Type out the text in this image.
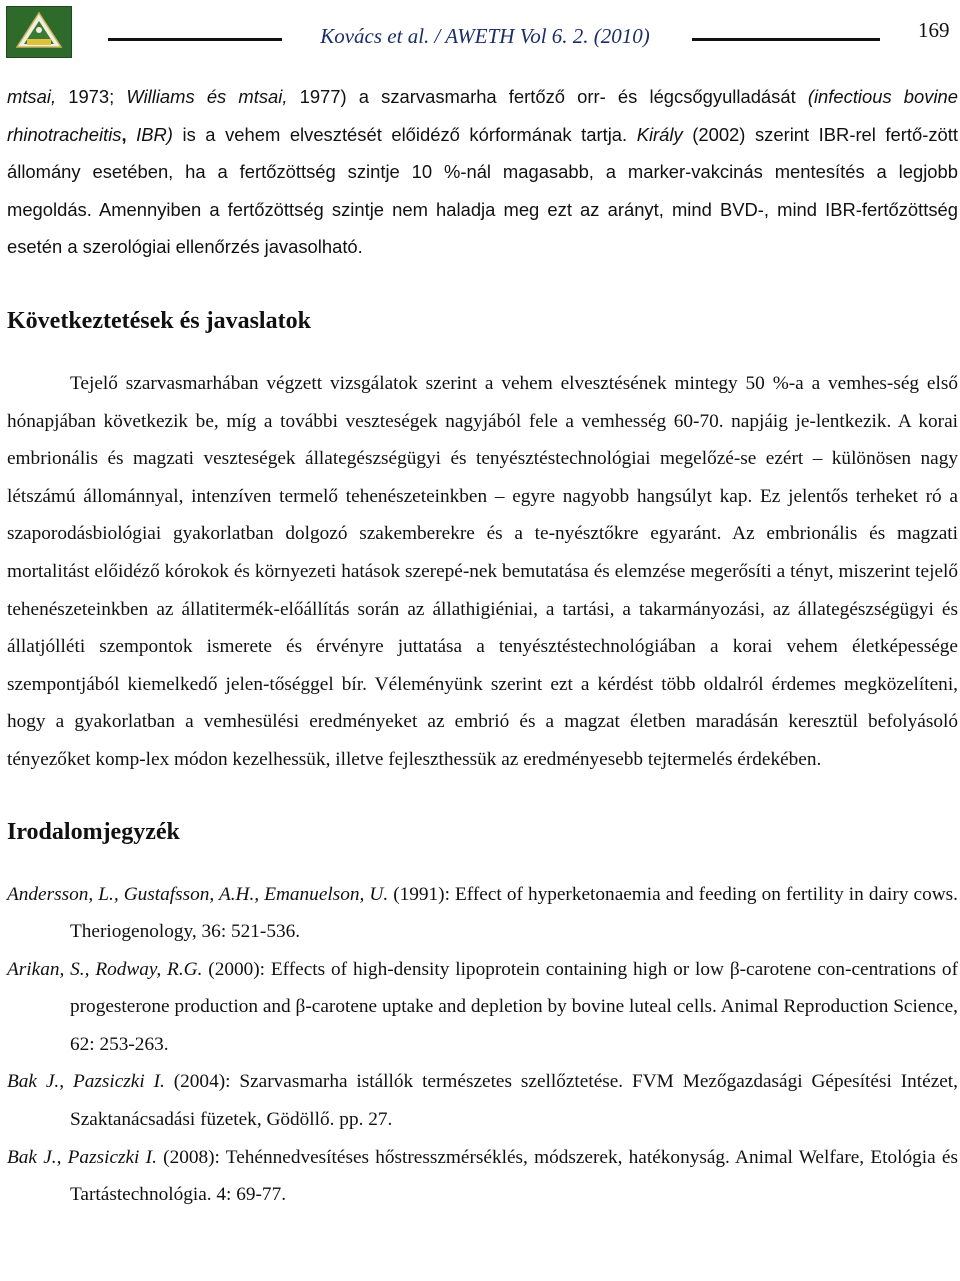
Kovács et al. / AWETH Vol 6. 2. (2010)	169

mtsai, 1973; Williams és mtsai, 1977) a szarvasmarha fertőző orr- és légcsőgyulladását (infectious bovine rhinotracheitis, IBR) is a vehem elvesztését előidéző kórformának tartja. Király (2002) szerint IBR-rel fertő-zött állomány esetében, ha a fertőzöttség szintje 10 %-nál magasabb, a marker-vakcinás mentesítés a legjobb megoldás. Amennyiben a fertőzöttség szintje nem haladja meg ezt az arányt, mind BVD-, mind IBR-fertőzöttség esetén a szerológiai ellenőrzés javasolható.

Következtetések és javaslatok

Tejelő szarvasmarhában végzett vizsgálatok szerint a vehem elvesztésének mintegy 50 %-a a vemhes-ség első hónapjában következik be, míg a további veszteségek nagyjából fele a vemhesség 60-70. napjáig je-lentkezik. A korai embrionális és magzati veszteségek állategészségügyi és tenyésztéstechnológiai megelőzé-se ezért – különösen nagy létszámú állománnyal, intenzíven termelő tehenészeteinkben – egyre nagyobb hangsúlyt kap. Ez jelentős terheket ró a szaporodásbiológiai gyakorlatban dolgozó szakemberekre és a te-nyésztőkre egyaránt. Az embrionális és magzati mortalitást előidéző kórokok és környezeti hatások szerepé-nek bemutatása és elemzése megerősíti a tényt, miszerint tejelő tehenészeteinkben az állatitermék-előállítás során az állathigiéniai, a tartási, a takarmányozási, az állategészségügyi és állatjólléti szempontok ismerete és érvényre juttatása a tenyésztéstechnológiában a korai vehem életképessége szempontjából kiemelkedő jelen-tőséggel bír. Véleményünk szerint ezt a kérdést több oldalról érdemes megközelíteni, hogy a gyakorlatban a vemhesülési eredményeket az embrió és a magzat életben maradásán keresztül befolyásoló tényezőket komp-lex módon kezelhessük, illetve fejleszthessük az eredményesebb tejtermelés érdekében.

Irodalomjegyzék

Andersson, L., Gustafsson, A.H., Emanuelson, U. (1991): Effect of hyperketonaemia and feeding on fertility in dairy cows. Theriogenology, 36: 521-536.

Arikan, S., Rodway, R.G. (2000): Effects of high-density lipoprotein containing high or low β-carotene con-centrations of progesterone production and β-carotene uptake and depletion by bovine luteal cells. Animal Reproduction Science, 62: 253-263.

Bak J., Pazsiczki I. (2004): Szarvasmarha istállók természetes szellőztetése. FVM Mezőgazdasági Gépesítési Intézet, Szaktanácsadási füzetek, Gödöllő. pp. 27.

Bak J., Pazsiczki I. (2008): Tehénnedvesítéses hőstresszmérséklés, módszerek, hatékonyság. Animal Welfare, Etológia és Tartástechnológia. 4: 69-77.
